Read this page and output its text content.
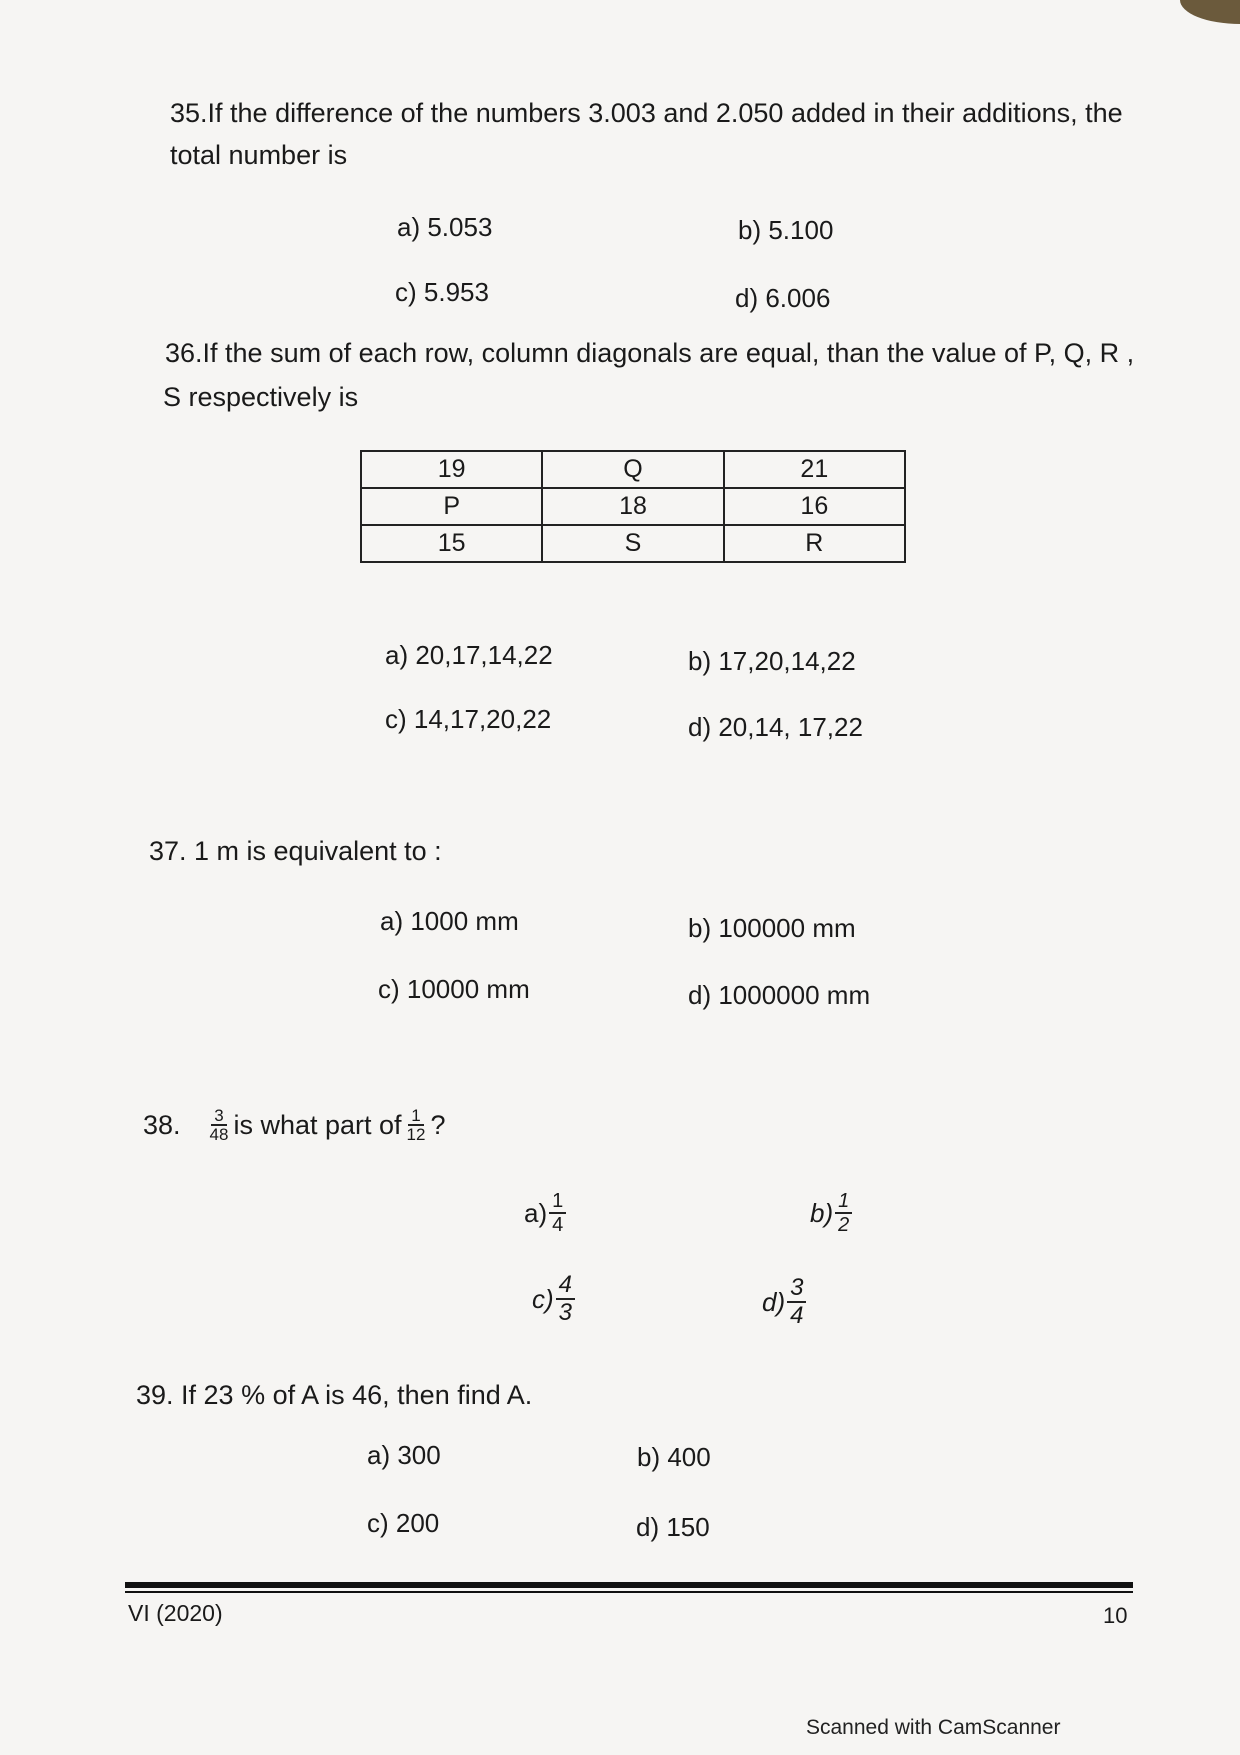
35.If the difference of the numbers 3.003 and 2.050 added in their additions, the
total number is
a) 5.053	b) 5.100
c) 5.953	d) 6.006
36.If the sum of each row, column diagonals are equal, than the value of P, Q, R ,
S respectively is
19	Q	21
P	18	16
15	S	R
a) 20,17,14,22	b) 17,20,14,22
c) 14,17,20,22	d) 20,14, 17,22
37. 1 m is equivalent to :
a) 1000 mm	b) 100000 mm
c) 10000 mm	d) 1000000 mm
38. $\frac{3}{48}$ is what part of $\frac{1}{12}$ ?
$a) \frac{1}{4}$	$b) \frac{1}{2}$
$c) \frac{4}{3}$	$d) \frac{3}{4}$
39. If 23 % of A is 46, then find A.
a) 300	b) 400
c) 200	d) 150
VI (2020)	10
Scanned with CamScanner
